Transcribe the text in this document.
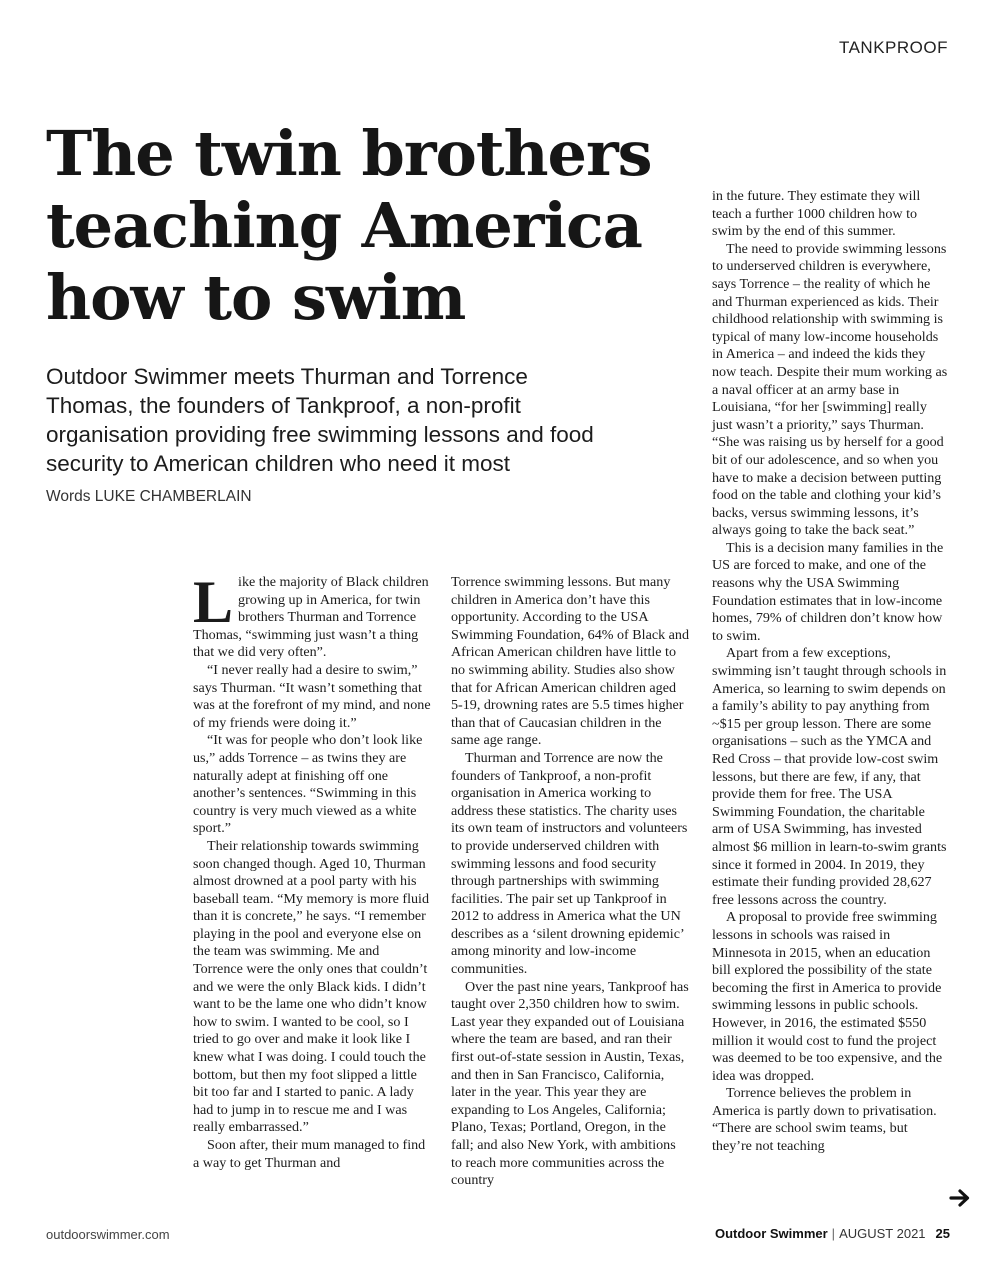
TANKPROOF
The twin brothers teaching America how to swim

Outdoor Swimmer meets Thurman and Torrence Thomas, the founders of Tankproof, a non-profit organisation providing free swimming lessons and food security to American children who need it most

Words LUKE CHAMBERLAIN

Like the majority of Black children growing up in America, for twin brothers Thurman and Torrence Thomas, “swimming just wasn’t a thing that we did very often”.

“I never really had a desire to swim,” says Thurman. “It wasn’t something that was at the forefront of my mind, and none of my friends were doing it.”

“It was for people who don’t look like us,” adds Torrence – as twins they are naturally adept at finishing off one another’s sentences. “Swimming in this country is very much viewed as a white sport.”

Their relationship towards swimming soon changed though. Aged 10, Thurman almost drowned at a pool party with his baseball team. “My memory is more fluid than it is concrete,” he says. “I remember playing in the pool and everyone else on the team was swimming. Me and Torrence were the only ones that couldn’t and we were the only Black kids. I didn’t want to be the lame one who didn’t know how to swim. I wanted to be cool, so I tried to go over and make it look like I knew what I was doing. I could touch the bottom, but then my foot slipped a little bit too far and I started to panic. A lady had to jump in to rescue me and I was really embarrassed.”

Soon after, their mum managed to find a way to get Thurman and

Torrence swimming lessons. But many children in America don’t have this opportunity. According to the USA Swimming Foundation, 64% of Black and African American children have little to no swimming ability. Studies also show that for African American children aged 5-19, drowning rates are 5.5 times higher than that of Caucasian children in the same age range.

Thurman and Torrence are now the founders of Tankproof, a non-profit organisation in America working to address these statistics. The charity uses its own team of instructors and volunteers to provide underserved children with swimming lessons and food security through partnerships with swimming facilities. The pair set up Tankproof in 2012 to address in America what the UN describes as a ‘silent drowning epidemic’ among minority and low-income communities.

Over the past nine years, Tankproof has taught over 2,350 children how to swim. Last year they expanded out of Louisiana where the team are based, and ran their first out-of-state session in Austin, Texas, and then in San Francisco, California, later in the year. This year they are expanding to Los Angeles, California; Plano, Texas; Portland, Oregon, in the fall; and also New York, with ambitions to reach more communities across the country

in the future. They estimate they will teach a further 1000 children how to swim by the end of this summer.

The need to provide swimming lessons to underserved children is everywhere, says Torrence – the reality of which he and Thurman experienced as kids. Their childhood relationship with swimming is typical of many low-income households in America – and indeed the kids they now teach. Despite their mum working as a naval officer at an army base in Louisiana, “for her [swimming] really just wasn’t a priority,” says Thurman. “She was raising us by herself for a good bit of our adolescence, and so when you have to make a decision between putting food on the table and clothing your kid’s backs, versus swimming lessons, it’s always going to take the back seat.”

This is a decision many families in the US are forced to make, and one of the reasons why the USA Swimming Foundation estimates that in low-income homes, 79% of children don’t know how to swim.

Apart from a few exceptions, swimming isn’t taught through schools in America, so learning to swim depends on a family’s ability to pay anything from ~$15 per group lesson. There are some organisations – such as the YMCA and Red Cross – that provide low-cost swim lessons, but there are few, if any, that provide them for free. The USA Swimming Foundation, the charitable arm of USA Swimming, has invested almost $6 million in learn-to-swim grants since it formed in 2004. In 2019, they estimate their funding provided 28,627 free lessons across the country.

A proposal to provide free swimming lessons in schools was raised in Minnesota in 2015, when an education bill explored the possibility of the state becoming the first in America to provide swimming lessons in public schools. However, in 2016, the estimated $550 million it would cost to fund the project was deemed to be too expensive, and the idea was dropped.

Torrence believes the problem in America is partly down to privatisation. “There are school swim teams, but they’re not teaching

outdoorswimmer.com	Outdoor Swimmer | AUGUST 2021 25
